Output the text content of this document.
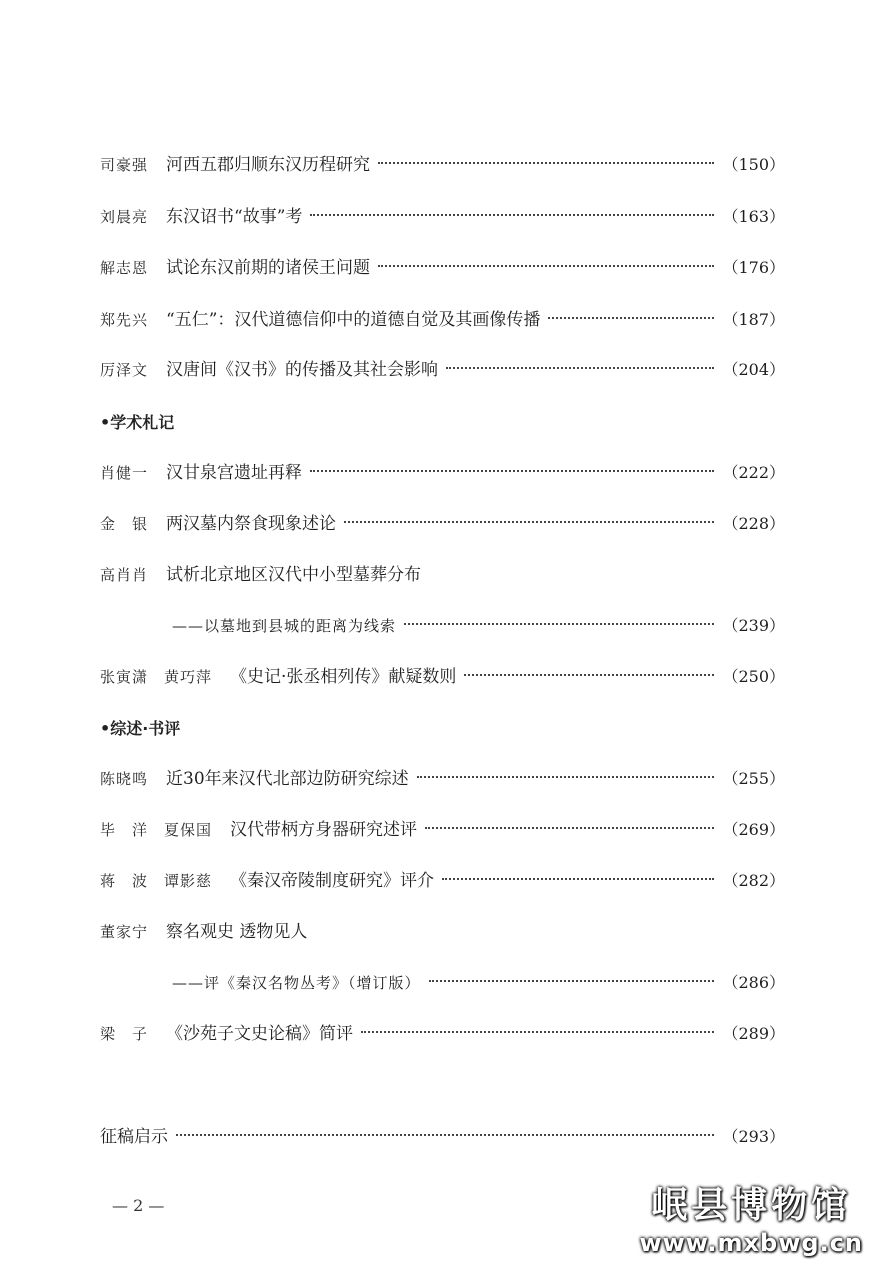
司豪强 河西五郡归顺东汉历程研究	（150）
刘晨亮 东汉诏书“故事”考	（163）
解志恩 试论东汉前期的诸侯王问题	（176）
郑先兴 “五仁”：汉代道德信仰中的道德自觉及其画像传播	（187）
厉泽文 汉唐间《汉书》的传播及其社会影响	（204）
•学术札记
肖健一 汉甘泉宫遗址再释	（222）
金　银 两汉墓内祭食现象述论	（228）
高肖肖 试析北京地区汉代中小型墓葬分布
——以墓地到县城的距离为线索	（239）
张寅潇　黄巧萍 《史记·张丞相列传》献疑数则	（250）
•综述·书评
陈晓鸣 近30年来汉代北部边防研究综述	（255）
毕　洋　夏保国 汉代带柄方身器研究述评	（269）
蒋　波　谭影慈 《秦汉帝陵制度研究》评介	（282）
董家宁 察名观史 透物见人
——评《秦汉名物丛考》（增订版）	（286）
梁　子 《沙苑子文史论稿》简评	（289）
征稿启示	（293）
— 2 —	岷县博物馆
www.mxbwg.cn
